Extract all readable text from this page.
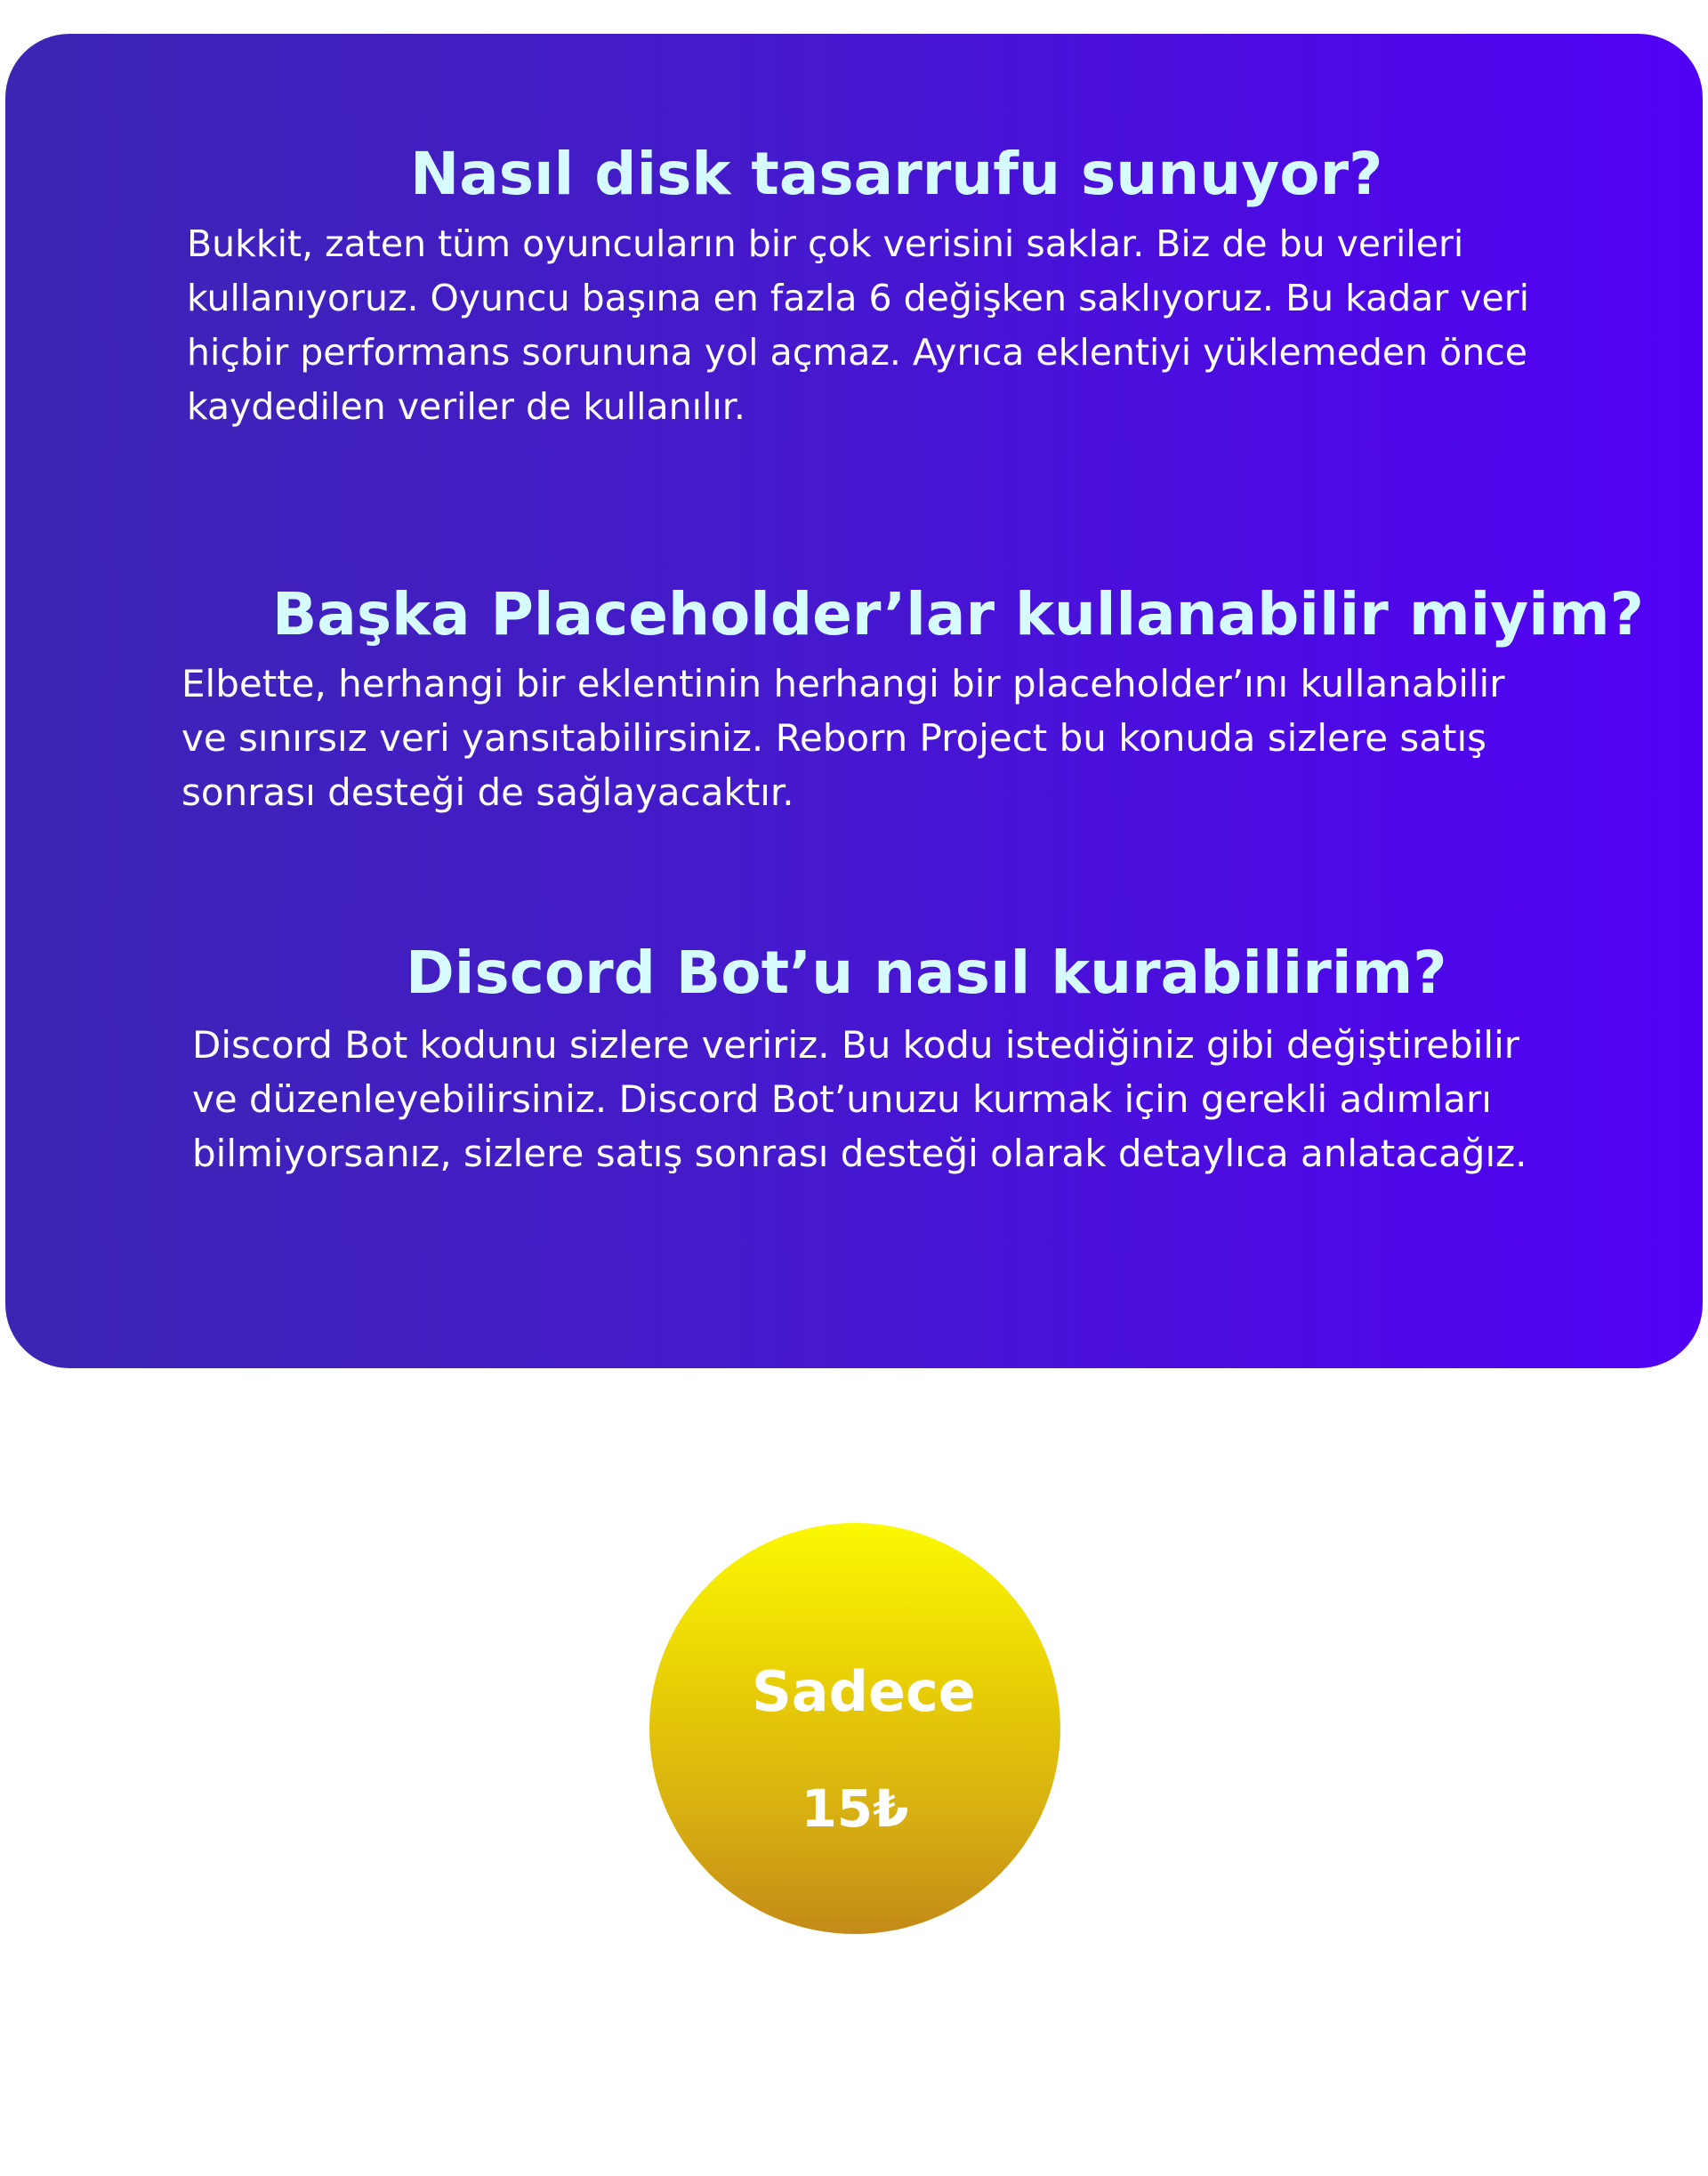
Nasıl disk tasarrufu sunuyor?

Bukkit, zaten tüm oyuncuların bir çok verisini saklar. Biz de bu verileri
kullanıyoruz. Oyuncu başına en fazla 6 değişken saklıyoruz. Bu kadar veri
hiçbir performans sorununa yol açmaz. Ayrıca eklentiyi yüklemeden önce
kaydedilen veriler de kullanılır.

Başka Placeholder’lar kullanabilir miyim?

Elbette, herhangi bir eklentinin herhangi bir placeholder’ını kullanabilir
ve sınırsız veri yansıtabilirsiniz. Reborn Project bu konuda sizlere satış
sonrası desteği de sağlayacaktır.

Discord Bot’u nasıl kurabilirim?

Discord Bot kodunu sizlere veririz. Bu kodu istediğiniz gibi değiştirebilir
ve düzenleyebilirsiniz. Discord Bot’unuzu kurmak için gerekli adımları
bilmiyorsanız, sizlere satış sonrası desteği olarak detaylıca anlatacağız.

Sadece

15₺
